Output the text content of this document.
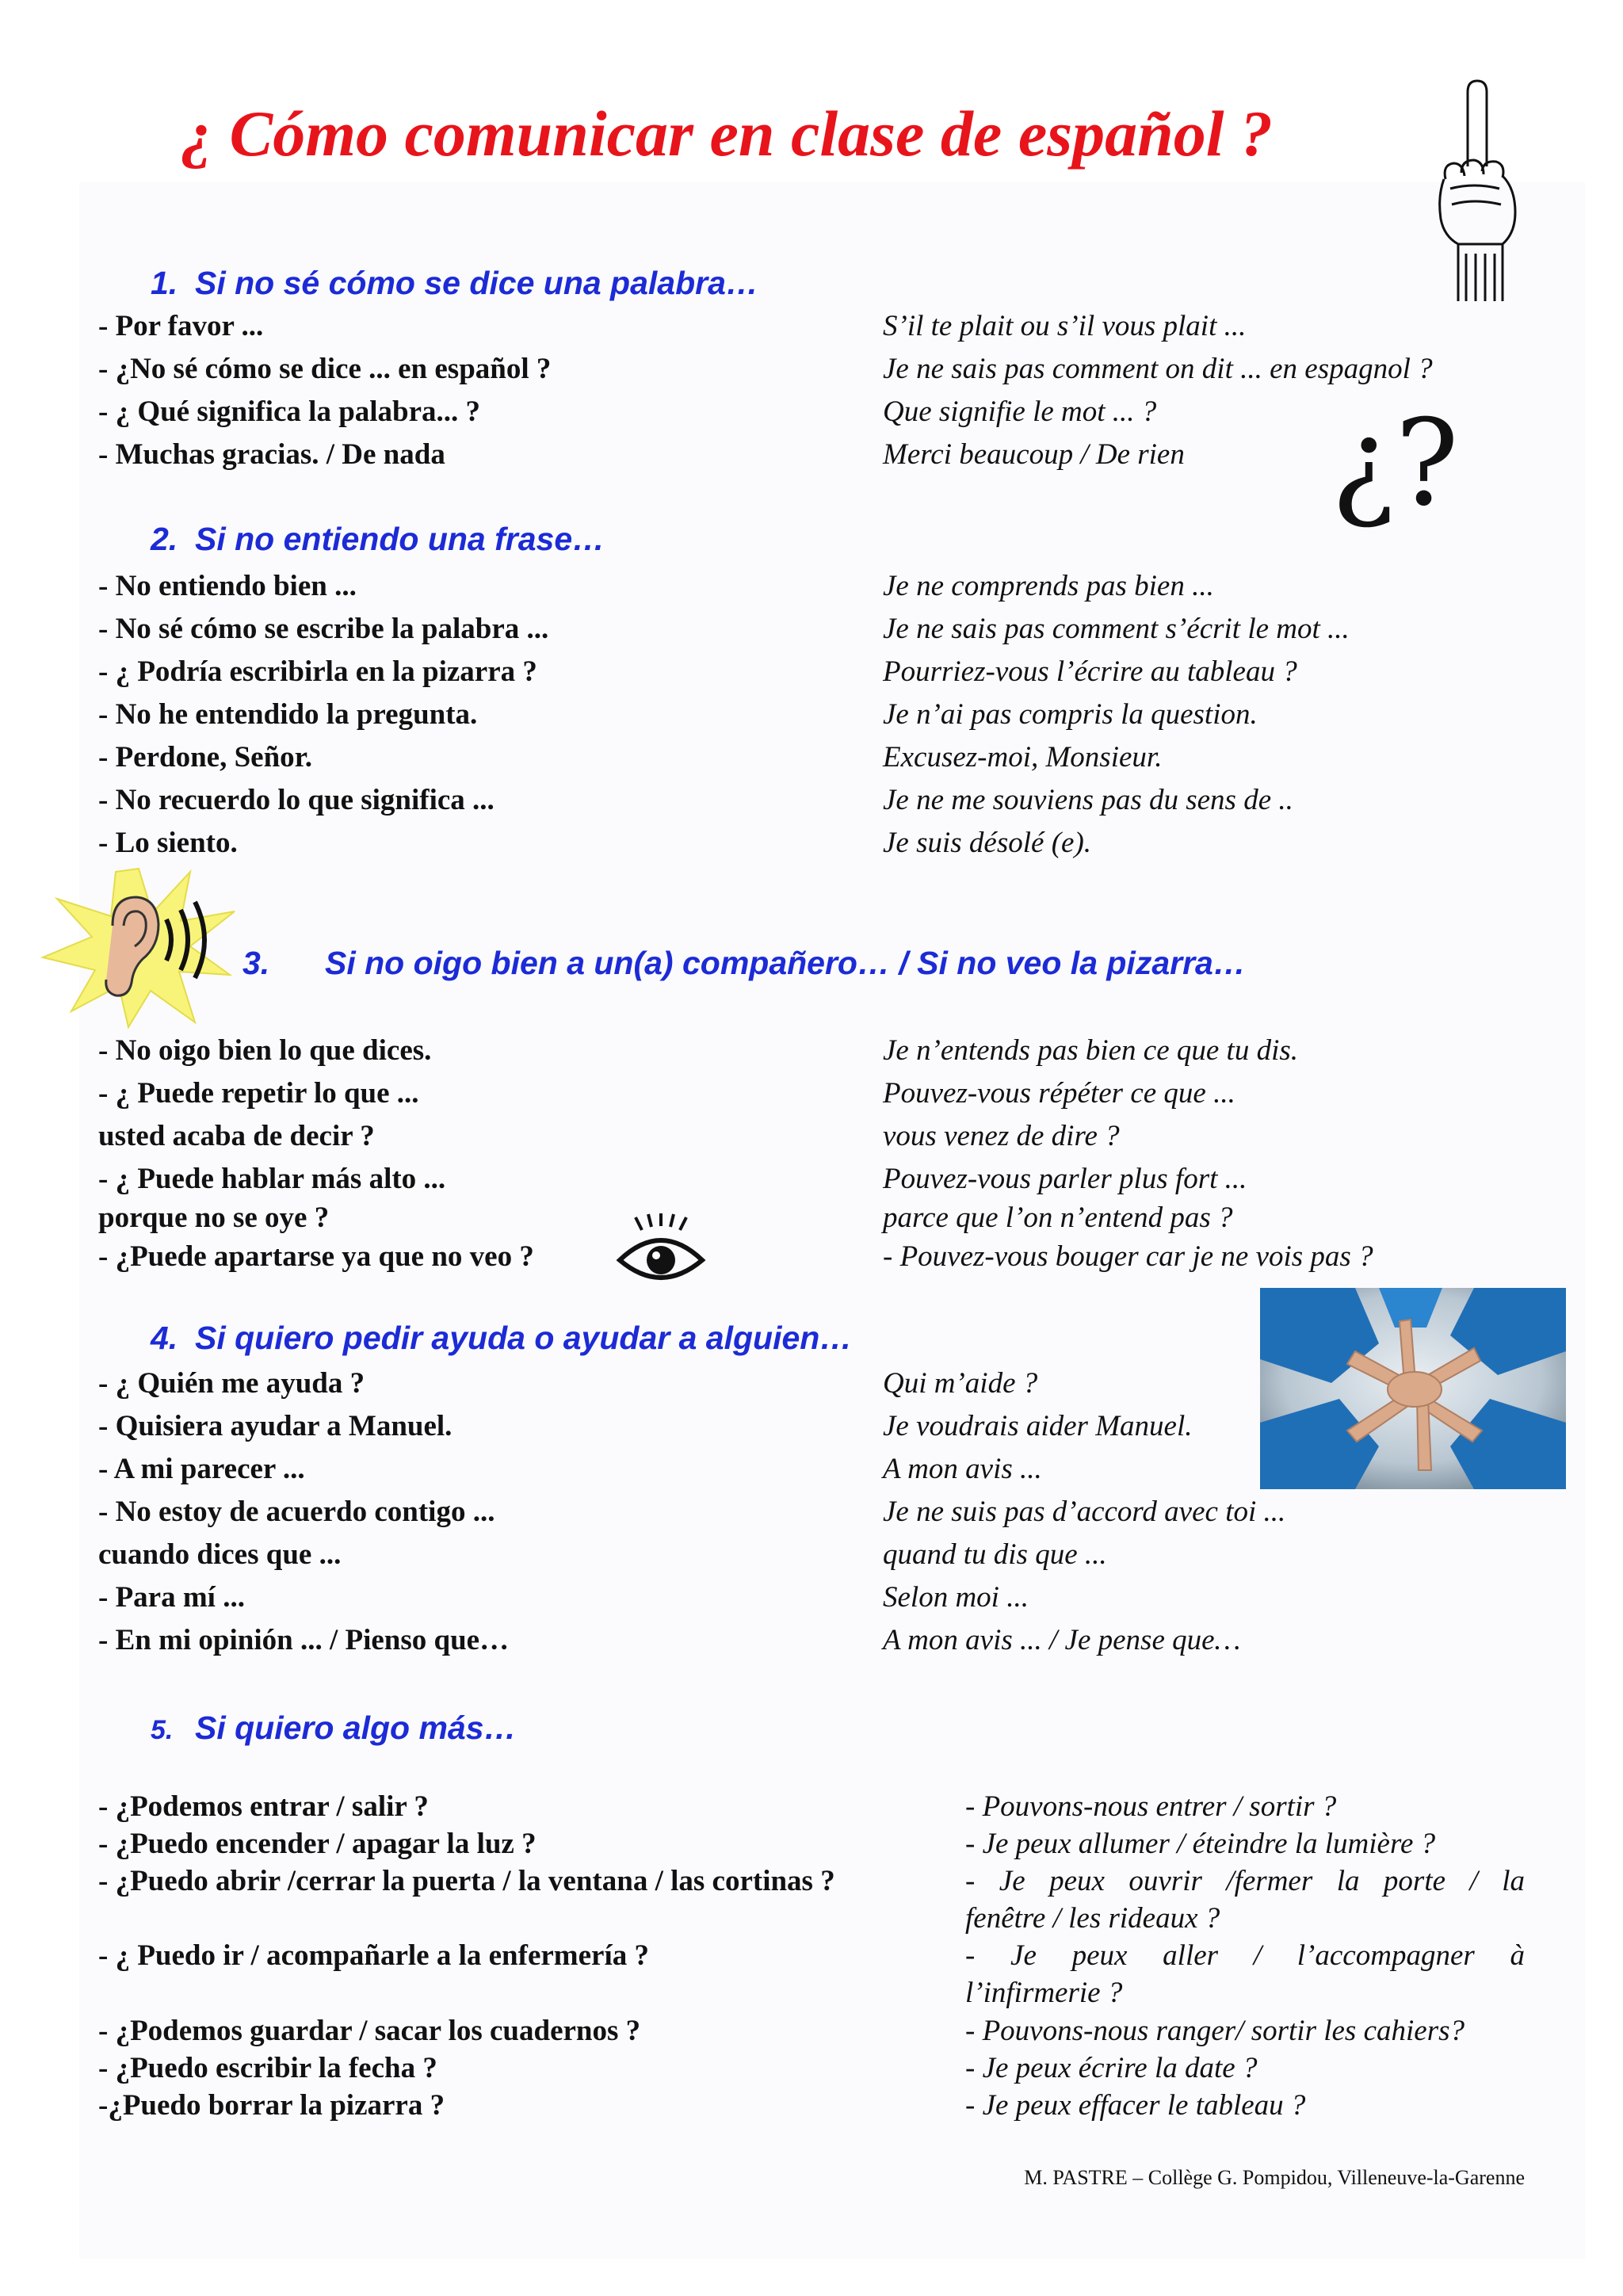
¿ Cómo comunicar en clase de español ?
¿?
1. Si no sé cómo se dice una palabra…
- Por favor ...	S’il te plait ou s’il vous plait ...
- ¿No sé cómo se dice ... en español ?	Je ne sais pas comment on dit ... en espagnol ?
- ¿ Qué significa la palabra... ?	Que signifie le mot ... ?
- Muchas gracias. / De nada	Merci beaucoup / De rien
2. Si no entiendo una frase…
- No entiendo bien ...	Je ne comprends pas bien ...
- No sé cómo se escribe la palabra ...	Je ne sais pas comment s’écrit le mot ...
- ¿ Podría escribirla en la pizarra ?	Pourriez-vous l’écrire au tableau ?
- No he entendido la pregunta.	Je n’ai pas compris la question.
- Perdone, Señor.	Excusez-moi, Monsieur.
- No recuerdo lo que significa ...	Je ne me souviens pas du sens de ..
- Lo siento.	Je suis désolé (e).
3. Si no oigo bien a un(a) compañero… / Si no veo la pizarra…
- No oigo bien lo que dices.	Je n’entends pas bien ce que tu dis.
- ¿ Puede repetir lo que ...	Pouvez-vous répéter ce que ...
usted acaba de decir ?	vous venez de dire ?
- ¿ Puede hablar más alto ...	Pouvez-vous parler plus fort ...
porque no se oye ?	parce que l’on n’entend pas ?
- ¿Puede apartarse ya que no veo ?	- Pouvez-vous bouger car je ne vois pas ?
4. Si quiero pedir ayuda o ayudar a alguien…
- ¿ Quién me ayuda ?	Qui m’aide ?
- Quisiera ayudar a Manuel.	Je voudrais aider Manuel.
- A mi parecer ...	A mon avis ...
- No estoy de acuerdo contigo ...	Je ne suis pas d’accord avec toi ...
cuando dices que ...	quand tu dis que ...
- Para mí ...	Selon moi ...
- En mi opinión ... / Pienso que…	A mon avis ... / Je pense que…
5. Si quiero algo más…
- ¿Podemos entrar / salir ?	- Pouvons-nous entrer / sortir ?
- ¿Puedo encender / apagar la luz ?	- Je peux allumer / éteindre la lumière ?
- ¿Puedo abrir /cerrar la puerta / la ventana / las cortinas ?	- Je peux ouvrir /fermer la porte / la
fenêtre / les rideaux ?
- ¿ Puedo ir / acompañarle a la enfermería ?	- Je peux aller / l’accompagner à
l’infirmerie ?
- ¿Podemos guardar / sacar los cuadernos ?	- Pouvons-nous ranger/ sortir les cahiers?
- ¿Puedo escribir la fecha ?	- Je peux écrire la date ?
-¿Puedo borrar la pizarra ?	- Je peux effacer le tableau ?
M. PASTRE – Collège G. Pompidou, Villeneuve-la-Garenne
